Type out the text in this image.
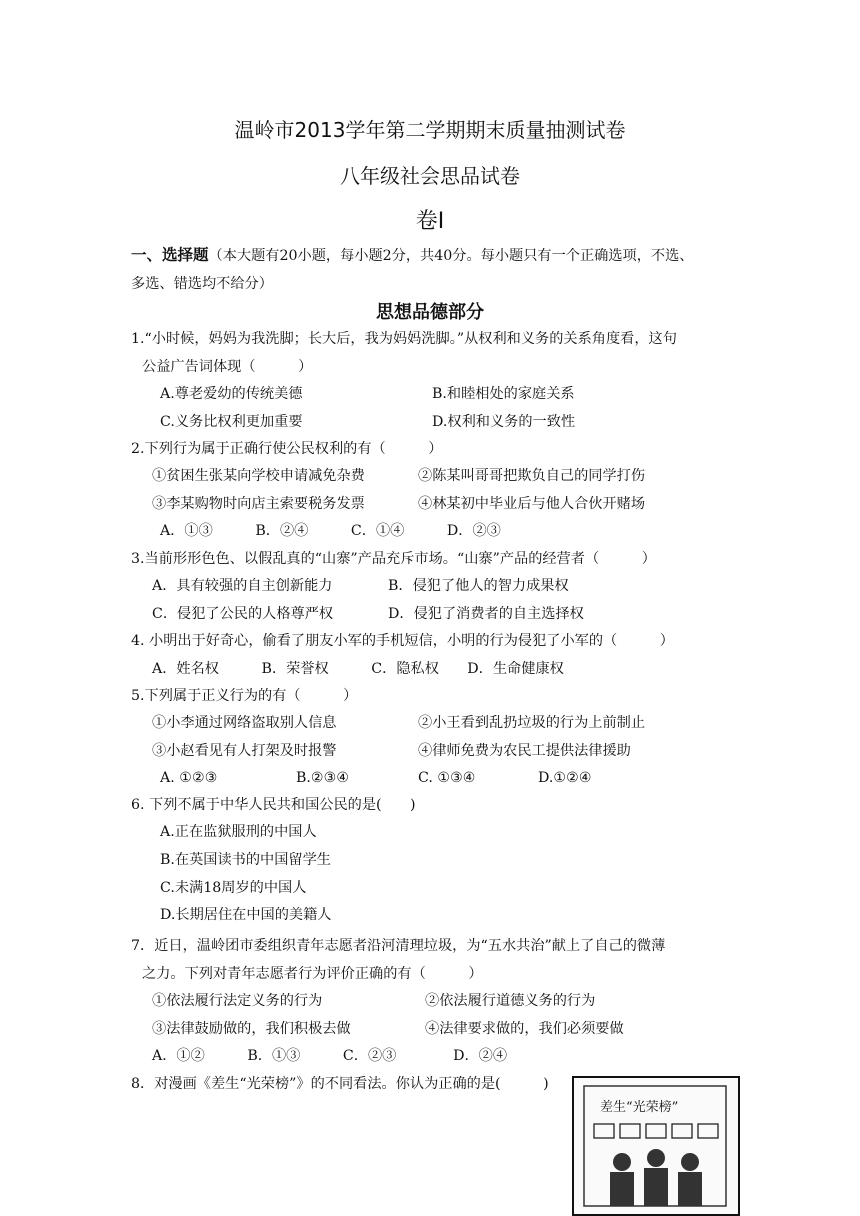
温岭市2013学年第二学期期末质量抽测试卷
八年级社会思品试卷
卷Ⅰ
一、选择题（本大题有20小题，每小题2分，共40分。每小题只有一个正确选项，不选、
多选、错选均不给分）
思想品德部分
1.“小时候，妈妈为我洗脚；长大后，我为妈妈洗脚。”从权利和义务的关系角度看，这句
公益广告词体现（　　　）
A.尊老爱幼的传统美德	B.和睦相处的家庭关系
C.义务比权利更加重要	D.权利和义务的一致性
2.下列行为属于正确行使公民权利的有（　　　）
①贫困生张某向学校申请减免杂费	②陈某叫哥哥把欺负自己的同学打伤
③李某购物时向店主索要税务发票	④林某初中毕业后与他人合伙开赌场
A．①③　　　B．②④　　　C．①④　　　D．②③
3.当前形形色色、以假乱真的“山寨”产品充斥市场。“山寨”产品的经营者（　　　）
A．具有较强的自主创新能力	B．侵犯了他人的智力成果权
C．侵犯了公民的人格尊严权	D．侵犯了消费者的自主选择权
4. 小明出于好奇心，偷看了朋友小军的手机短信，小明的行为侵犯了小军的（　　　）
A．姓名权　　　B．荣誉权　　　C．隐私权　　D．生命健康权
5.下列属于正义行为的有（　　　）
①小李通过网络盗取别人信息	②小王看到乱扔垃圾的行为上前制止
③小赵看见有人打架及时报警	④律师免费为农民工提供法律援助
A. ①②③	B.②③④	C. ①③④	D.①②④
6. 下列不属于中华人民共和国公民的是(　　)
A.正在监狱服刑的中国人
B.在英国读书的中国留学生
C.未满18周岁的中国人
D.长期居住在中国的美籍人
7．近日，温岭团市委组织青年志愿者沿河清理垃圾，为“五水共治”献上了自己的微薄
之力。下列对青年志愿者行为评价正确的有（　　　）
①依法履行法定义务的行为	②依法履行道德义务的行为
③法律鼓励做的，我们积极去做	④法律要求做的，我们必须要做
A．①②　　　B．①③　　　C．②③　　　　D．②④
8．对漫画《差生“光荣榜”》的不同看法。你认为正确的是(　　　)
差生“光荣榜”
